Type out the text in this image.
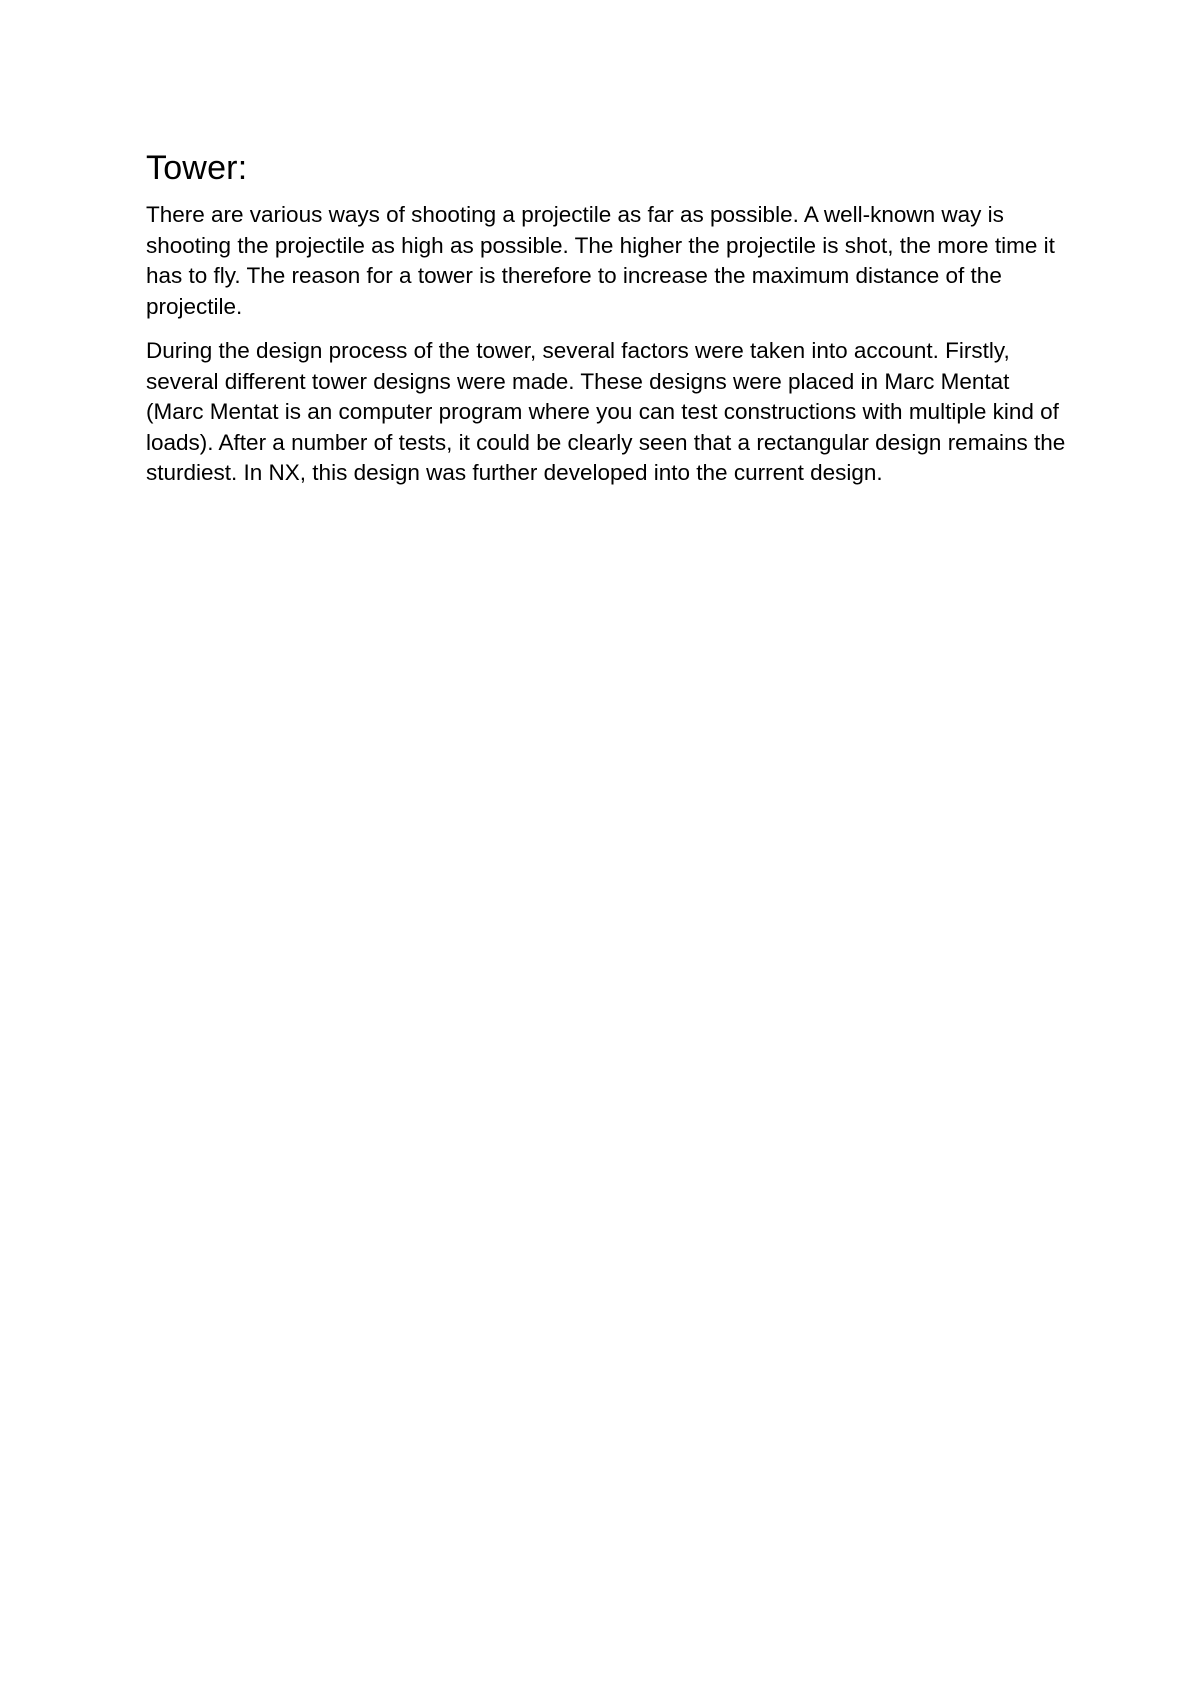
Tower:

There are various ways of shooting a projectile as far as possible. A well-known way is shooting the projectile as high as possible. The higher the projectile is shot, the more time it has to fly. The reason for a tower is therefore to increase the maximum distance of the projectile.

During the design process of the tower, several factors were taken into account. Firstly, several different tower designs were made. These designs were placed in Marc Mentat (Marc Mentat is an computer program where you can test constructions with multiple kind of loads). After a number of tests, it could be clearly seen that a rectangular design remains the sturdiest. In NX, this design was further developed into the current design.
